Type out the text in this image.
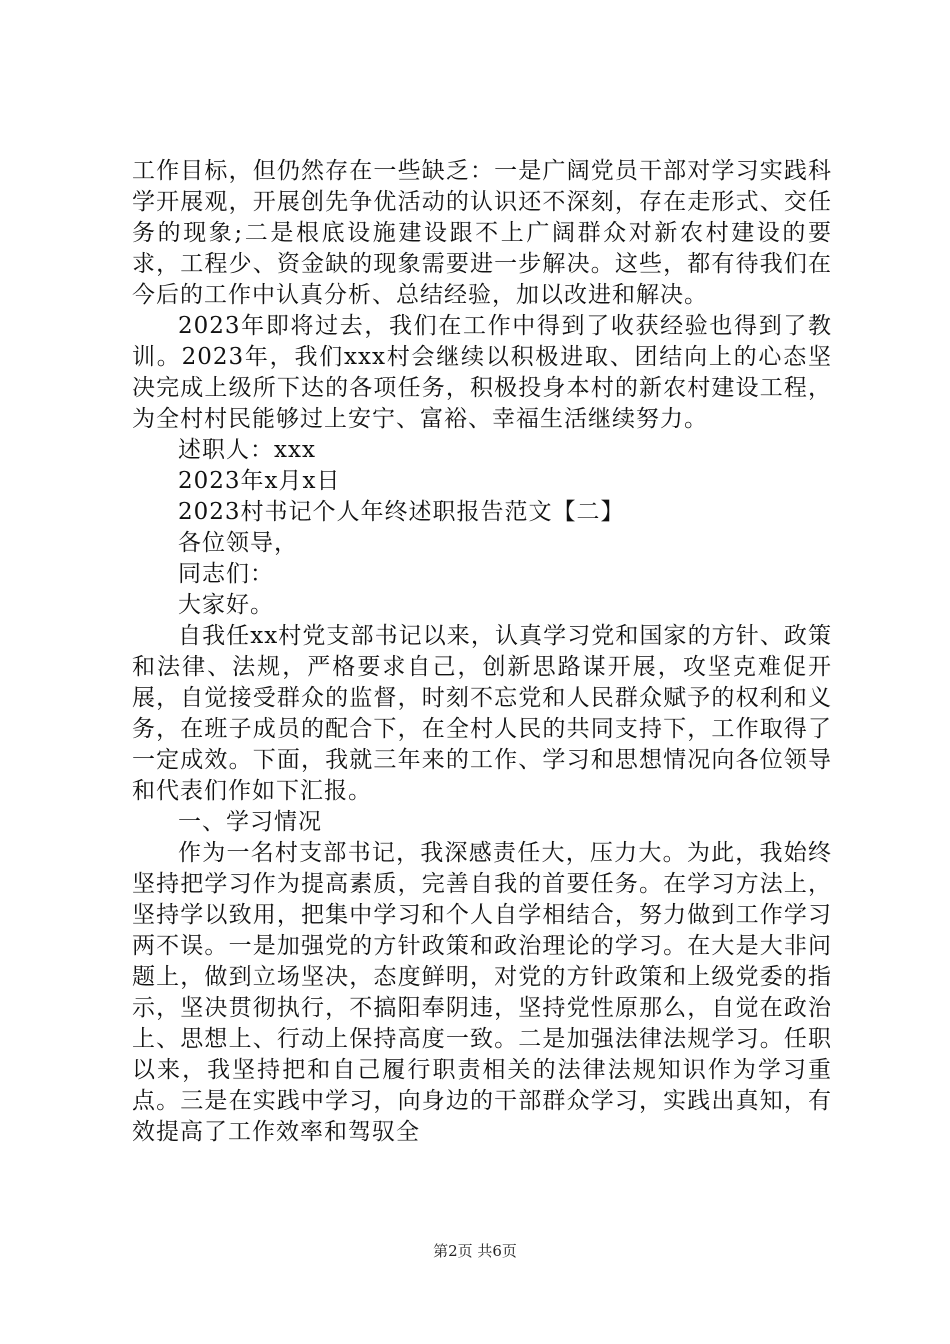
工作目标，但仍然存在一些缺乏：一是广阔党员干部对学习实践科学开展观，开展创先争优活动的认识还不深刻，存在走形式、交任务的现象;二是根底设施建设跟不上广阔群众对新农村建设的要求，工程少、资金缺的现象需要进一步解决。这些，都有待我们在今后的工作中认真分析、总结经验，加以改进和解决。

2023年即将过去，我们在工作中得到了收获经验也得到了教训。2023年，我们xxx村会继续以积极进取、团结向上的心态坚决完成上级所下达的各项任务，积极投身本村的新农村建设工程，为全村村民能够过上安宁、富裕、幸福生活继续努力。

述职人：xxx

2023年x月x日

2023村书记个人年终述职报告范文【二】

各位领导，

同志们：

大家好。

自我任xx村党支部书记以来，认真学习党和国家的方针、政策和法律、法规，严格要求自己，创新思路谋开展，攻坚克难促开展，自觉接受群众的监督，时刻不忘党和人民群众赋予的权利和义务，在班子成员的配合下，在全村人民的共同支持下，工作取得了一定成效。下面，我就三年来的工作、学习和思想情况向各位领导和代表们作如下汇报。

一、学习情况

作为一名村支部书记，我深感责任大，压力大。为此，我始终坚持把学习作为提高素质，完善自我的首要任务。在学习方法上，坚持学以致用，把集中学习和个人自学相结合，努力做到工作学习两不误。一是加强党的方针政策和政治理论的学习。在大是大非问题上，做到立场坚决，态度鲜明，对党的方针政策和上级党委的指示，坚决贯彻执行，不搞阳奉阴违，坚持党性原那么，自觉在政治上、思想上、行动上保持高度一致。二是加强法律法规学习。任职以来，我坚持把和自己履行职责相关的法律法规知识作为学习重点。三是在实践中学习，向身边的干部群众学习，实践出真知，有效提高了工作效率和驾驭全

第2页 共6页
